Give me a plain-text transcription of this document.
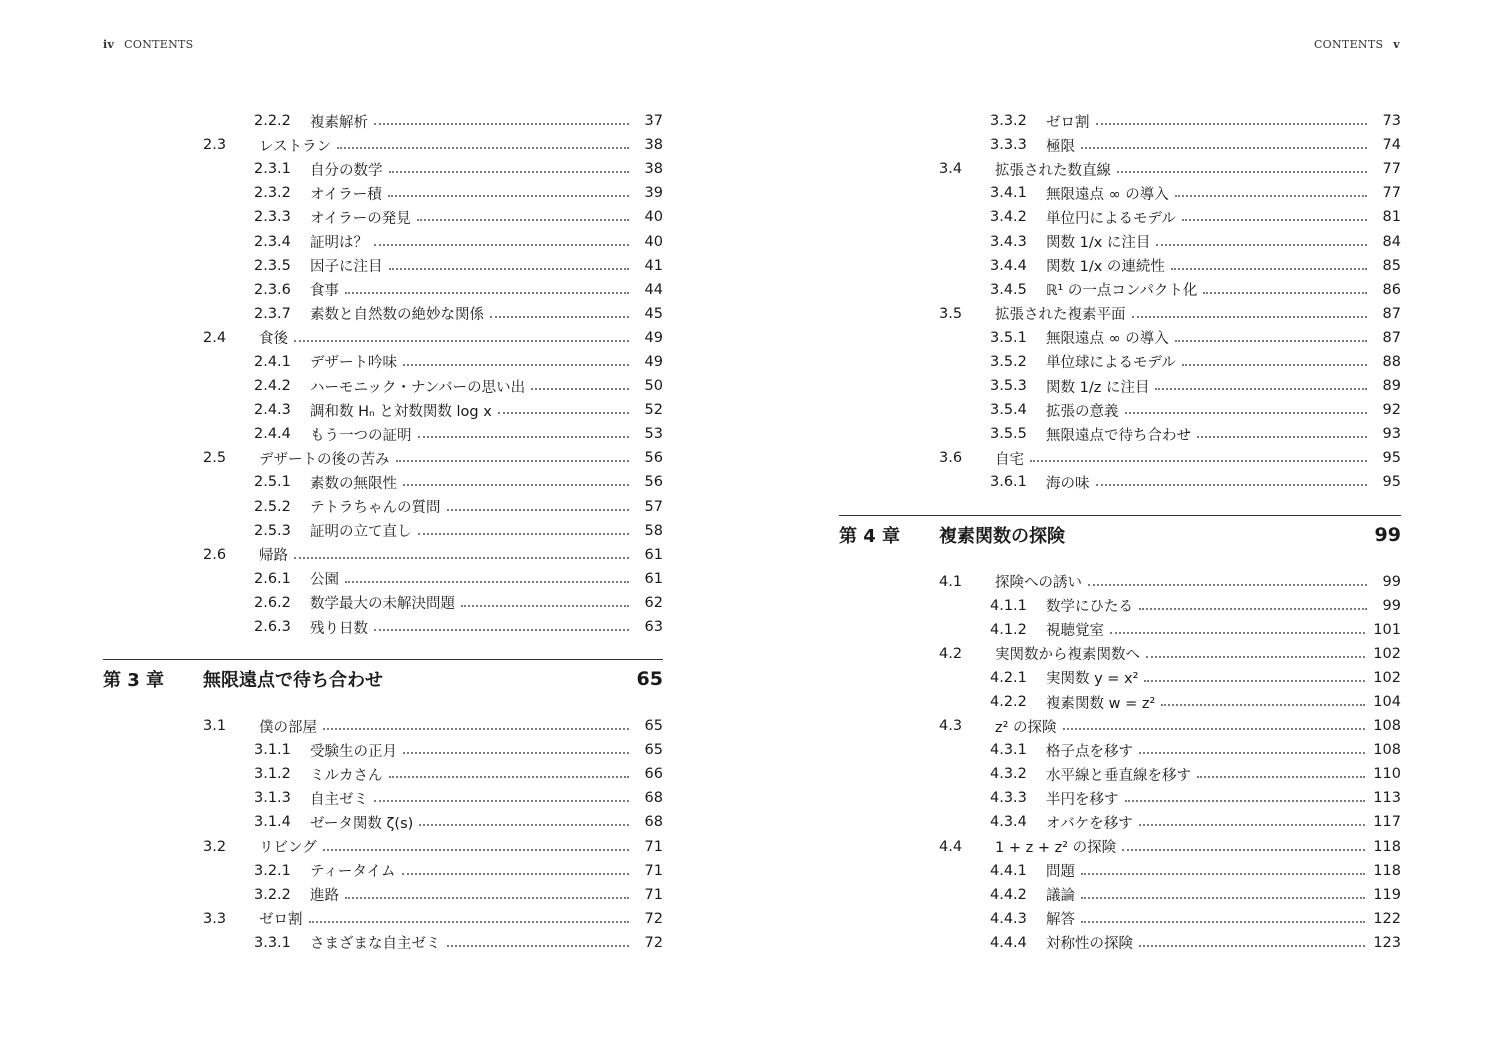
iv CONTENTS
2.2.2	複素解析	37
2.3	レストラン	38
2.3.1	自分の数学	38
2.3.2	オイラー積	39
2.3.3	オイラーの発見	40
2.3.4	証明は？	40
2.3.5	因子に注目	41
2.3.6	食事	44
2.3.7	素数と自然数の絶妙な関係	45
2.4	食後	49
2.4.1	デザート吟味	49
2.4.2	ハーモニック・ナンバーの思い出	50
2.4.3	調和数 Hₙ と対数関数 log x	52
2.4.4	もう一つの証明	53
2.5	デザートの後の苦み	56
2.5.1	素数の無限性	56
2.5.2	テトラちゃんの質問	57
2.5.3	証明の立て直し	58
2.6	帰路	61
2.6.1	公園	61
2.6.2	数学最大の未解決問題	62
2.6.3	残り日数	63
第 3 章	無限遠点で待ち合わせ	65
3.1	僕の部屋	65
3.1.1	受験生の正月	65
3.1.2	ミルカさん	66
3.1.3	自主ゼミ	68
3.1.4	ゼータ関数 ζ(s)	68
3.2	リビング	71
3.2.1	ティータイム	71
3.2.2	進路	71
3.3	ゼロ割	72
3.3.1	さまざまな自主ゼミ	72
CONTENTS v
3.3.2	ゼロ割	73
3.3.3	極限	74
3.4	拡張された数直線	77
3.4.1	無限遠点 ∞ の導入	77
3.4.2	単位円によるモデル	81
3.4.3	関数 1/x に注目	84
3.4.4	関数 1/x の連続性	85
3.4.5	ℝ¹ の一点コンパクト化	86
3.5	拡張された複素平面	87
3.5.1	無限遠点 ∞ の導入	87
3.5.2	単位球によるモデル	88
3.5.3	関数 1/z に注目	89
3.5.4	拡張の意義	92
3.5.5	無限遠点で待ち合わせ	93
3.6	自宅	95
3.6.1	海の味	95
第 4 章	複素関数の探険	99
4.1	探険への誘い	99
4.1.1	数学にひたる	99
4.1.2	視聴覚室	101
4.2	実関数から複素関数へ	102
4.2.1	実関数 y = x²	102
4.2.2	複素関数 w = z²	104
4.3	z² の探険	108
4.3.1	格子点を移す	108
4.3.2	水平線と垂直線を移す	110
4.3.3	半円を移す	113
4.3.4	オバケを移す	117
4.4	1 + z + z² の探険	118
4.4.1	問題	118
4.4.2	議論	119
4.4.3	解答	122
4.4.4	対称性の探険	123
